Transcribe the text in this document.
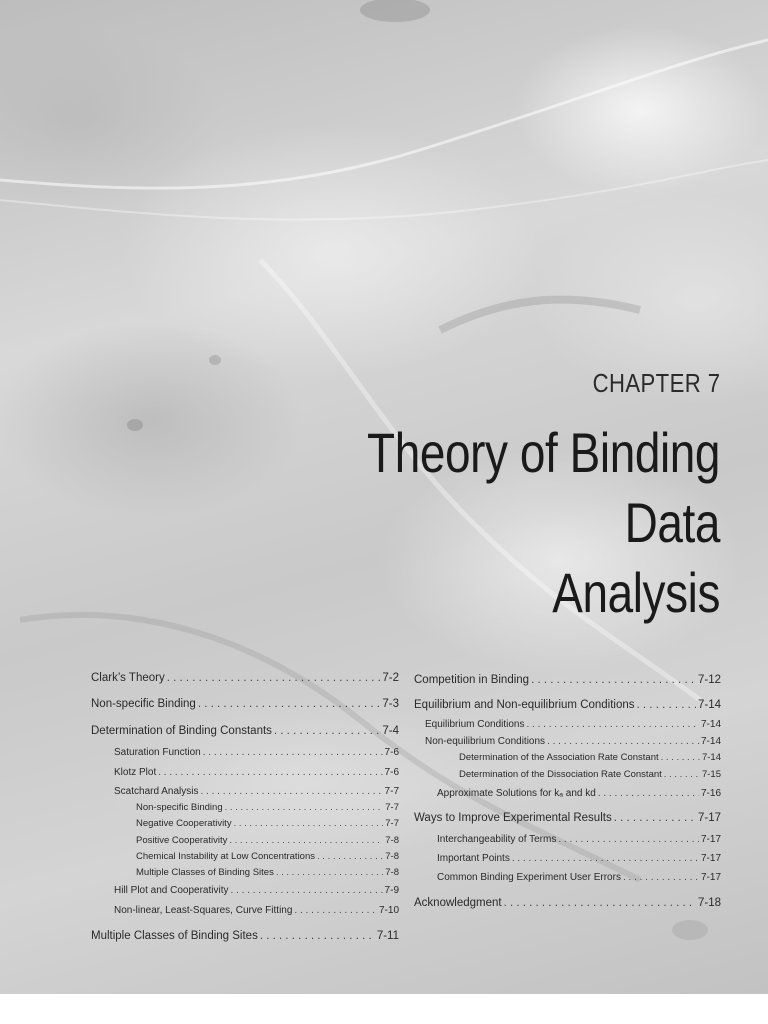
CHAPTER 7
Theory of Binding Data
Analysis
Clark’s Theory . . .	7-2
Non-specific Binding . . .	7-3
Determination of Binding Constants . . .	7-4
Saturation Function . . .	7-6
Klotz Plot . . .	7-6
Scatchard Analysis . . .	7-7
Non-specific Binding . . .	7-7
Negative Cooperativity . . .	7-7
Positive Cooperativity . . .	7-8
Chemical Instability at Low Concentrations . . .	7-8
Multiple Classes of Binding Sites . . .	7-8
Hill Plot and Cooperativity . . .	7-9
Non-linear, Least-Squares, Curve Fitting . . .	7-10
Multiple Classes of Binding Sites . . .	7-11
Competition in Binding . . .	7-12
Equilibrium and Non-equilibrium Conditions . . .	7-14
Equilibrium Conditions . . .	7-14
Non-equilibrium Conditions . . .	7-14
Determination of the Association Rate Constant . . .	7-14
Determination of the Dissociation Rate Constant . . .	7-15
Approximate Solutions for kₐ and kd . . .	7-16
Ways to Improve Experimental Results . . .	7-17
Interchangeability of Terms . . .	7-17
Important Points . . .	7-17
Common Binding Experiment User Errors . . .	7-17
Acknowledgment . . .	7-18
